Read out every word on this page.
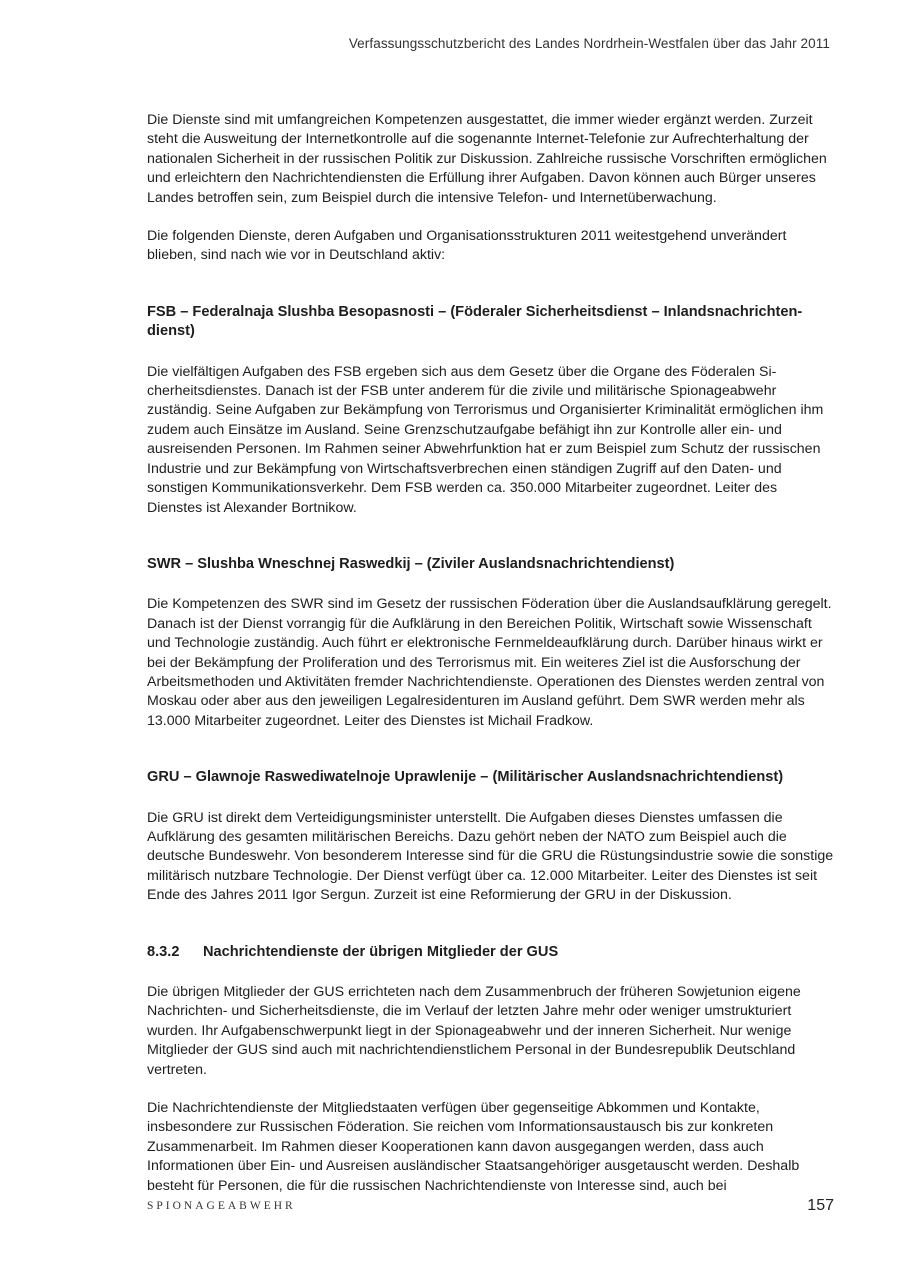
Verfassungsschutzbericht des Landes Nordrhein-Westfalen über das Jahr 2011

Die Dienste sind mit umfangreichen Kompetenzen ausgestattet, die immer wieder ergänzt werden. Zurzeit steht die Ausweitung der Internetkontrolle auf die sogenannte Internet-Telefonie zur Aufrechterhaltung der nationalen Sicherheit in der russischen Politik zur Diskussion. Zahlreiche russische Vorschriften ermöglichen und erleichtern den Nachrichtendiensten die Erfüllung ihrer Aufgaben. Davon können auch Bürger unseres Landes betroffen sein, zum Beispiel durch die intensive Telefon- und Internetüberwachung.

Die folgenden Dienste, deren Aufgaben und Organisationsstrukturen 2011 weitestgehend unverändert blieben, sind nach wie vor in Deutschland aktiv:

FSB – Federalnaja Slushba Besopasnosti – (Föderaler Sicherheitsdienst – Inlandsnachrichtendienst)

Die vielfältigen Aufgaben des FSB ergeben sich aus dem Gesetz über die Organe des Föderalen Sicherheitsdienstes. Danach ist der FSB unter anderem für die zivile und militärische Spionageabwehr zuständig. Seine Aufgaben zur Bekämpfung von Terrorismus und Organisierter Kriminalität ermöglichen ihm zudem auch Einsätze im Ausland. Seine Grenzschutzaufgabe befähigt ihn zur Kontrolle aller ein- und ausreisenden Personen. Im Rahmen seiner Abwehrfunktion hat er zum Beispiel zum Schutz der russischen Industrie und zur Bekämpfung von Wirtschaftsverbrechen einen ständigen Zugriff auf den Daten- und sonstigen Kommunikationsverkehr. Dem FSB werden ca. 350.000 Mitarbeiter zugeordnet. Leiter des Dienstes ist Alexander Bortnikow.

SWR – Slushba Wneschnej Raswedkij – (Ziviler Auslandsnachrichtendienst)

Die Kompetenzen des SWR sind im Gesetz der russischen Föderation über die Auslandsaufklärung geregelt. Danach ist der Dienst vorrangig für die Aufklärung in den Bereichen Politik, Wirtschaft sowie Wissenschaft und Technologie zuständig. Auch führt er elektronische Fernmeldeaufklärung durch. Darüber hinaus wirkt er bei der Bekämpfung der Proliferation und des Terrorismus mit. Ein weiteres Ziel ist die Ausforschung der Arbeitsmethoden und Aktivitäten fremder Nachrichtendienste. Operationen des Dienstes werden zentral von Moskau oder aber aus den jeweiligen Legalresidenturen im Ausland geführt. Dem SWR werden mehr als 13.000 Mitarbeiter zugeordnet. Leiter des Dienstes ist Michail Fradkow.

GRU – Glawnoje Raswediwatelnoje Uprawlenije – (Militärischer Auslandsnachrichtendienst)

Die GRU ist direkt dem Verteidigungsminister unterstellt. Die Aufgaben dieses Dienstes umfassen die Aufklärung des gesamten militärischen Bereichs. Dazu gehört neben der NATO zum Beispiel auch die deutsche Bundeswehr. Von besonderem Interesse sind für die GRU die Rüstungsindustrie sowie die sonstige militärisch nutzbare Technologie. Der Dienst verfügt über ca. 12.000 Mitarbeiter. Leiter des Dienstes ist seit Ende des Jahres 2011 Igor Sergun. Zurzeit ist eine Reformierung der GRU in der Diskussion.

8.3.2	Nachrichtendienste der übrigen Mitglieder der GUS

Die übrigen Mitglieder der GUS errichteten nach dem Zusammenbruch der früheren Sowjetunion eigene Nachrichten- und Sicherheitsdienste, die im Verlauf der letzten Jahre mehr oder weniger umstrukturiert wurden. Ihr Aufgabenschwerpunkt liegt in der Spionageabwehr und der inneren Sicherheit. Nur wenige Mitglieder der GUS sind auch mit nachrichtendienstlichem Personal in der Bundesrepublik Deutschland vertreten.

Die Nachrichtendienste der Mitgliedstaaten verfügen über gegenseitige Abkommen und Kontakte, insbesondere zur Russischen Föderation. Sie reichen vom Informationsaustausch bis zur konkreten Zusammenarbeit. Im Rahmen dieser Kooperationen kann davon ausgegangen werden, dass auch Informationen über Ein- und Ausreisen ausländischer Staatsangehöriger ausgetauscht werden. Deshalb besteht für Personen, die für die russischen Nachrichtendienste von Interesse sind, auch bei

SPIONAGEABWEHR	157
